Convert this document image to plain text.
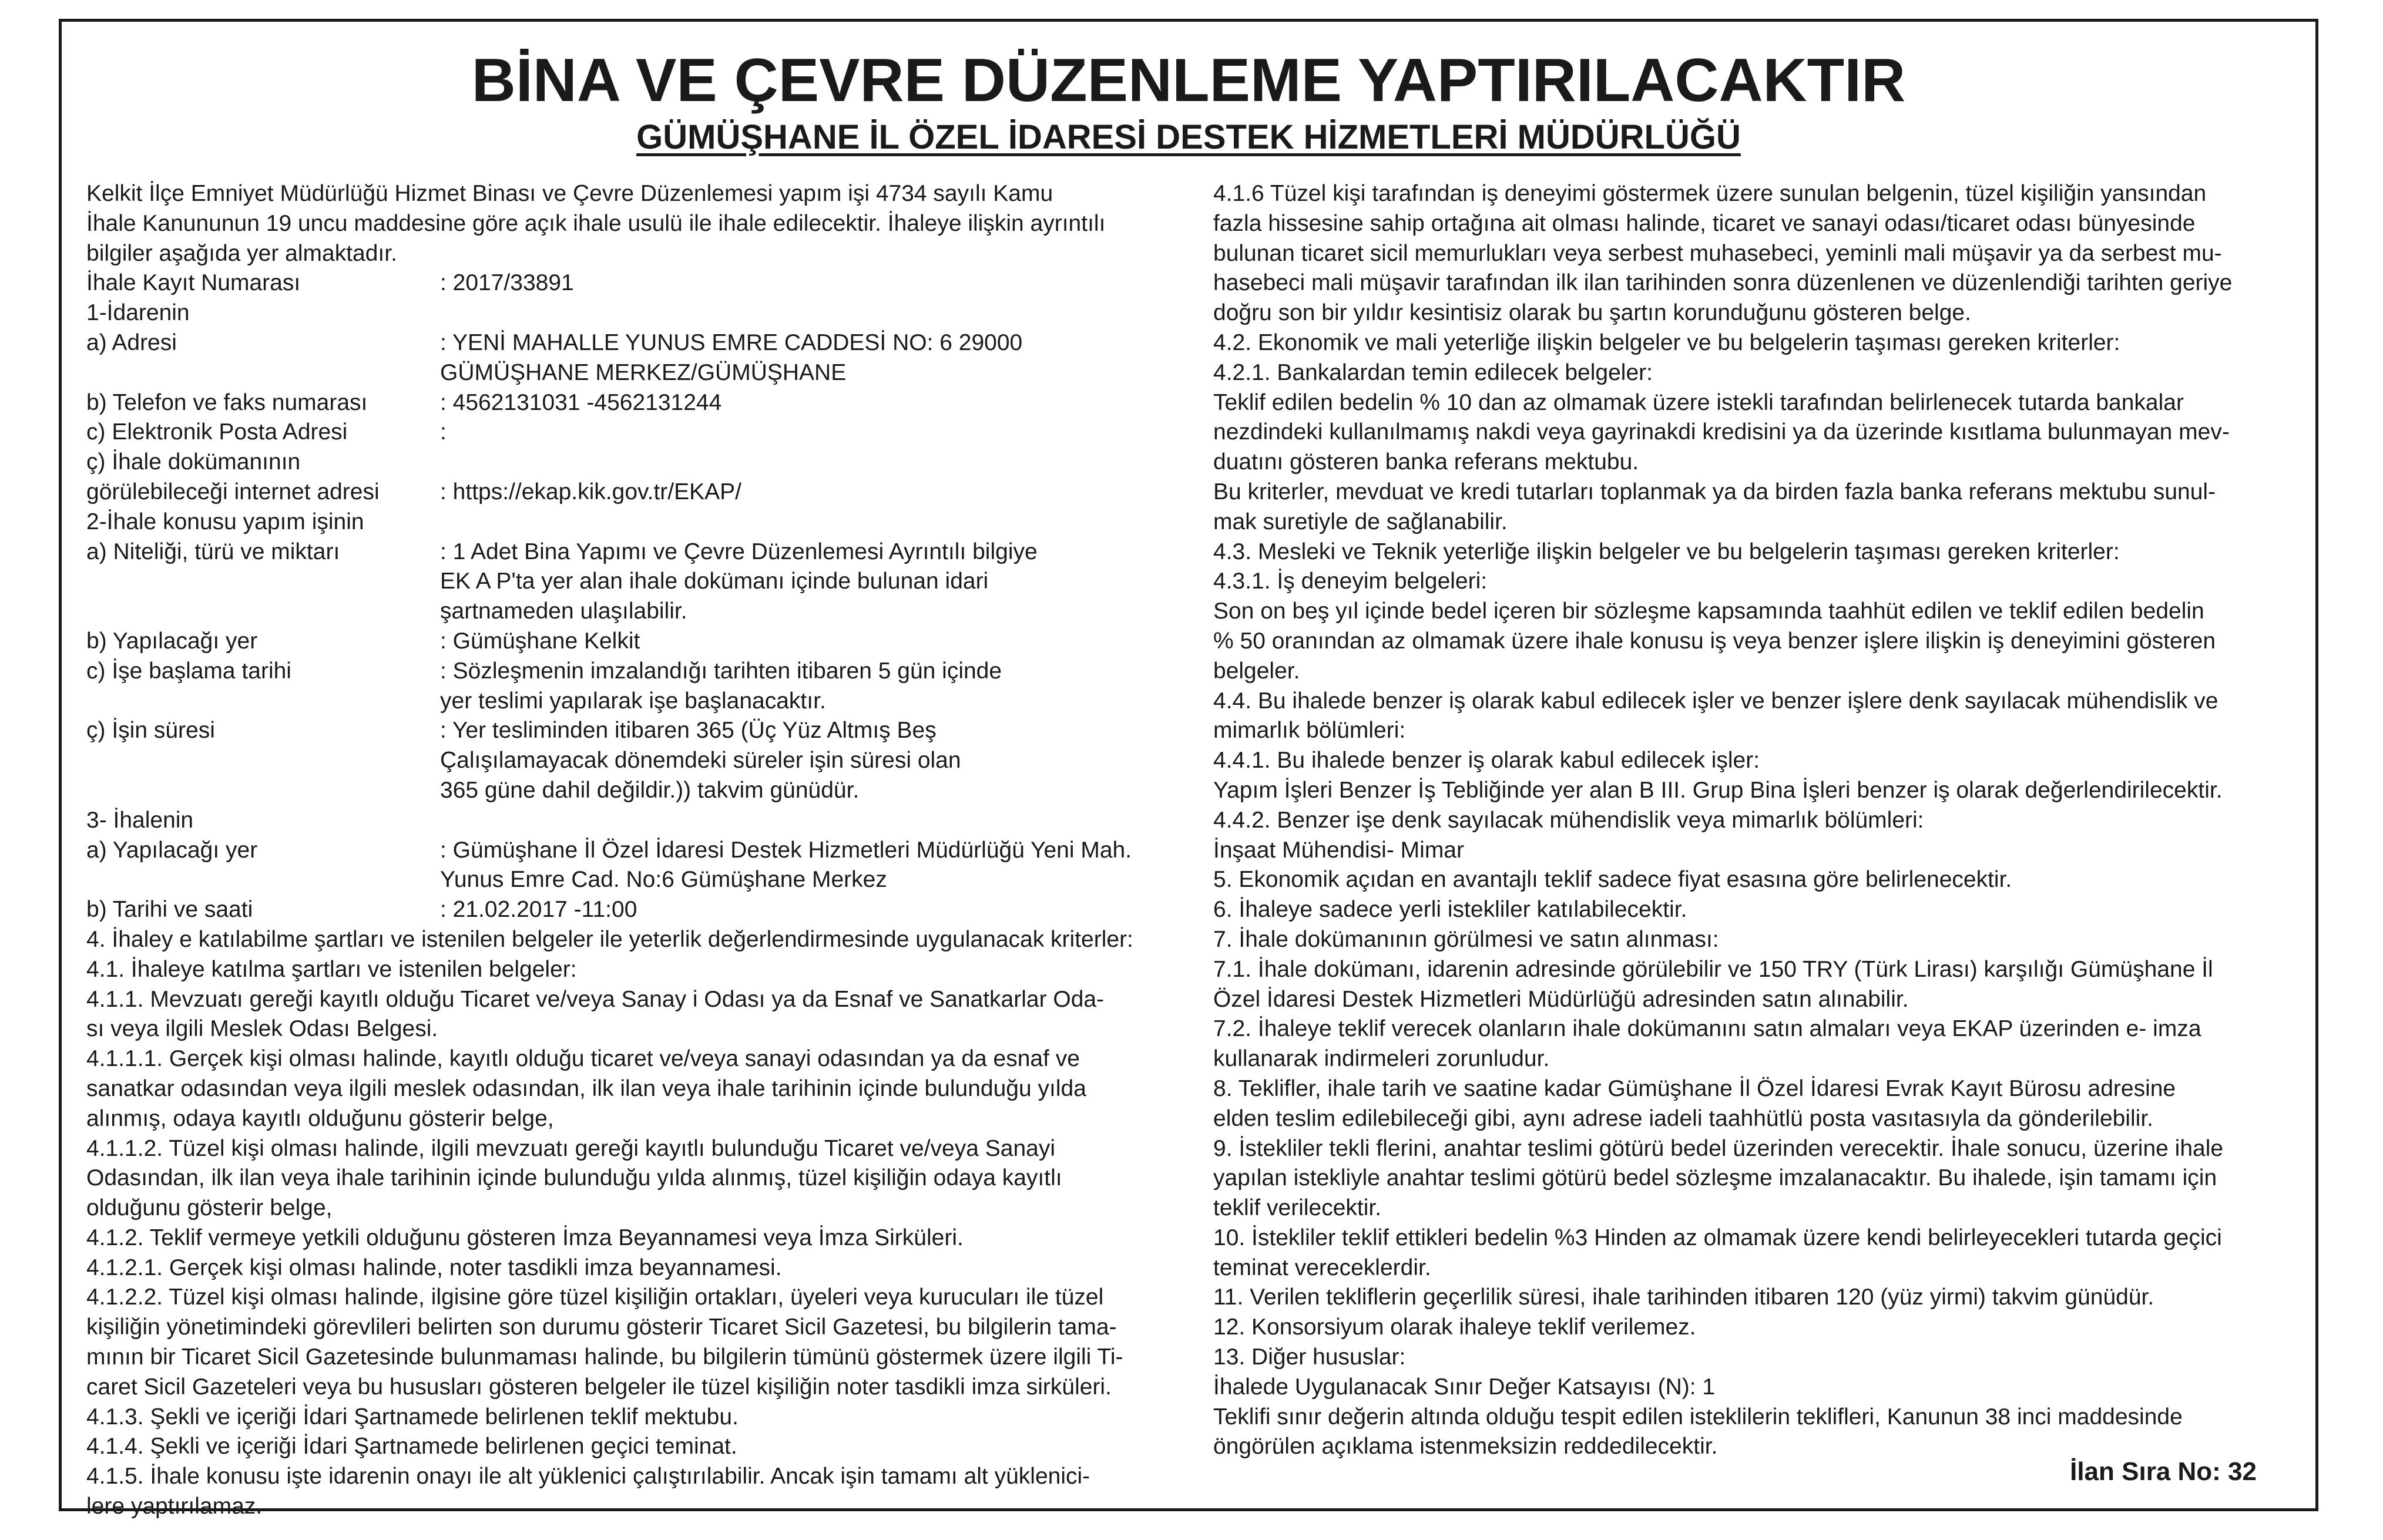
BİNA VE ÇEVRE DÜZENLEME YAPTIRILACAKTIR
GÜMÜŞHANE İL ÖZEL İDARESİ DESTEK HİZMETLERİ MÜDÜRLÜĞÜ
Kelkit İlçe Emniyet Müdürlüğü Hizmet Binası ve Çevre Düzenlemesi yapım işi 4734 sayılı Kamu
İhale Kanununun 19 uncu maddesine göre açık ihale usulü ile ihale edilecektir. İhaleye ilişkin ayrıntılı
bilgiler aşağıda yer almaktadır.
İhale Kayıt Numarası	: 2017/33891
1-İdarenin
a) Adresi	: YENİ MAHALLE YUNUS EMRE CADDESİ NO: 6 29000
GÜMÜŞHANE MERKEZ/GÜMÜŞHANE
b) Telefon ve faks numarası	: 4562131031 -4562131244
c) Elektronik Posta Adresi	:
ç) İhale dokümanının
görülebileceği internet adresi	: https://ekap.kik.gov.tr/EKAP/
2-İhale konusu yapım işinin
a) Niteliği, türü ve miktarı	: 1 Adet Bina Yapımı ve Çevre Düzenlemesi Ayrıntılı bilgiye
EK A P'ta yer alan ihale dokümanı içinde bulunan idari
şartnameden ulaşılabilir.
b) Yapılacağı yer	: Gümüşhane Kelkit
c) İşe başlama tarihi	: Sözleşmenin imzalandığı tarihten itibaren 5 gün içinde
yer teslimi yapılarak işe başlanacaktır.
ç) İşin süresi	: Yer tesliminden itibaren 365 (Üç Yüz Altmış Beş
Çalışılamayacak dönemdeki süreler işin süresi olan
365 güne dahil değildir.)) takvim günüdür.
3- İhalenin
a) Yapılacağı yer	: Gümüşhane İl Özel İdaresi Destek Hizmetleri Müdürlüğü Yeni Mah.
Yunus Emre Cad. No:6 Gümüşhane Merkez
b) Tarihi ve saati	: 21.02.2017 -11:00
4. İhaley e katılabilme şartları ve istenilen belgeler ile yeterlik değerlendirmesinde uygulanacak kriterler:
4.1. İhaleye katılma şartları ve istenilen belgeler:
4.1.1. Mevzuatı gereği kayıtlı olduğu Ticaret ve/veya Sanay i Odası ya da Esnaf ve Sanatkarlar Oda-
sı veya ilgili Meslek Odası Belgesi.
4.1.1.1. Gerçek kişi olması halinde, kayıtlı olduğu ticaret ve/veya sanayi odasından ya da esnaf ve
sanatkar odasından veya ilgili meslek odasından, ilk ilan veya ihale tarihinin içinde bulunduğu yılda
alınmış, odaya kayıtlı olduğunu gösterir belge,
4.1.1.2. Tüzel kişi olması halinde, ilgili mevzuatı gereği kayıtlı bulunduğu Ticaret ve/veya Sanayi
Odasından, ilk ilan veya ihale tarihinin içinde bulunduğu yılda alınmış, tüzel kişiliğin odaya kayıtlı
olduğunu gösterir belge,
4.1.2. Teklif vermeye yetkili olduğunu gösteren İmza Beyannamesi veya İmza Sirküleri.
4.1.2.1. Gerçek kişi olması halinde, noter tasdikli imza beyannamesi.
4.1.2.2. Tüzel kişi olması halinde, ilgisine göre tüzel kişiliğin ortakları, üyeleri veya kurucuları ile tüzel
kişiliğin yönetimindeki görevlileri belirten son durumu gösterir Ticaret Sicil Gazetesi, bu bilgilerin tama-
mının bir Ticaret Sicil Gazetesinde bulunmaması halinde, bu bilgilerin tümünü göstermek üzere ilgili Ti-
caret Sicil Gazeteleri veya bu hususları gösteren belgeler ile tüzel kişiliğin noter tasdikli imza sirküleri.
4.1.3. Şekli ve içeriği İdari Şartnamede belirlenen teklif mektubu.
4.1.4. Şekli ve içeriği İdari Şartnamede belirlenen geçici teminat.
4.1.5. İhale konusu işte idarenin onayı ile alt yüklenici çalıştırılabilir. Ancak işin tamamı alt yüklenici-
lere yaptırılamaz.
4.1.6 Tüzel kişi tarafından iş deneyimi göstermek üzere sunulan belgenin, tüzel kişiliğin yansından
fazla hissesine sahip ortağına ait olması halinde, ticaret ve sanayi odası/ticaret odası bünyesinde
bulunan ticaret sicil memurlukları veya serbest muhasebeci, yeminli mali müşavir ya da serbest mu-
hasebeci mali müşavir tarafından ilk ilan tarihinden sonra düzenlenen ve düzenlendiği tarihten geriye
doğru son bir yıldır kesintisiz olarak bu şartın korunduğunu gösteren belge.
4.2. Ekonomik ve mali yeterliğe ilişkin belgeler ve bu belgelerin taşıması gereken kriterler:
4.2.1. Bankalardan temin edilecek belgeler:
Teklif edilen bedelin % 10 dan az olmamak üzere istekli tarafından belirlenecek tutarda bankalar
nezdindeki kullanılmamış nakdi veya gayrinakdi kredisini ya da üzerinde kısıtlama bulunmayan mev-
duatını gösteren banka referans mektubu.
Bu kriterler, mevduat ve kredi tutarları toplanmak ya da birden fazla banka referans mektubu sunul-
mak suretiyle de sağlanabilir.
4.3. Mesleki ve Teknik yeterliğe ilişkin belgeler ve bu belgelerin taşıması gereken kriterler:
4.3.1. İş deneyim belgeleri:
Son on beş yıl içinde bedel içeren bir sözleşme kapsamında taahhüt edilen ve teklif edilen bedelin
% 50 oranından az olmamak üzere ihale konusu iş veya benzer işlere ilişkin iş deneyimini gösteren
belgeler.
4.4. Bu ihalede benzer iş olarak kabul edilecek işler ve benzer işlere denk sayılacak mühendislik ve
mimarlık bölümleri:
4.4.1. Bu ihalede benzer iş olarak kabul edilecek işler:
Yapım İşleri Benzer İş Tebliğinde yer alan B III. Grup Bina İşleri benzer iş olarak değerlendirilecektir.
4.4.2. Benzer işe denk sayılacak mühendislik veya mimarlık bölümleri:
İnşaat Mühendisi- Mimar
5. Ekonomik açıdan en avantajlı teklif sadece fiyat esasına göre belirlenecektir.
6. İhaleye sadece yerli istekliler katılabilecektir.
7. İhale dokümanının görülmesi ve satın alınması:
7.1. İhale dokümanı, idarenin adresinde görülebilir ve 150 TRY (Türk Lirası) karşılığı Gümüşhane İl
Özel İdaresi Destek Hizmetleri Müdürlüğü adresinden satın alınabilir.
7.2. İhaleye teklif verecek olanların ihale dokümanını satın almaları veya EKAP üzerinden e- imza
kullanarak indirmeleri zorunludur.
8. Teklifler, ihale tarih ve saatine kadar Gümüşhane İl Özel İdaresi Evrak Kayıt Bürosu adresine
elden teslim edilebileceği gibi, aynı adrese iadeli taahhütlü posta vasıtasıyla da gönderilebilir.
9. İstekliler tekli flerini, anahtar teslimi götürü bedel üzerinden verecektir. İhale sonucu, üzerine ihale
yapılan istekliyle anahtar teslimi götürü bedel sözleşme imzalanacaktır. Bu ihalede, işin tamamı için
teklif verilecektir.
10. İstekliler teklif ettikleri bedelin %3 Hinden az olmamak üzere kendi belirleyecekleri tutarda geçici
teminat vereceklerdir.
11. Verilen tekliflerin geçerlilik süresi, ihale tarihinden itibaren 120 (yüz yirmi) takvim günüdür.
12. Konsorsiyum olarak ihaleye teklif verilemez.
13. Diğer hususlar:
İhalede Uygulanacak Sınır Değer Katsayısı (N): 1
Teklifi sınır değerin altında olduğu tespit edilen isteklilerin teklifleri, Kanunun 38 inci maddesinde
öngörülen açıklama istenmeksizin reddedilecektir.
İlan Sıra No: 32
